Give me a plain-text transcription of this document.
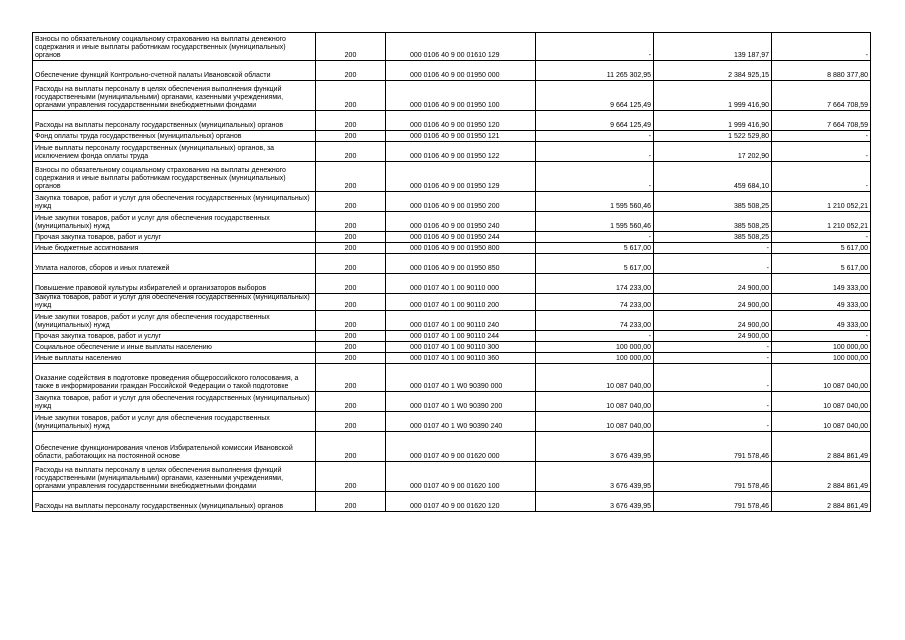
Взносы по обязательному социальному страхованию на выплаты денежного содержания и иные выплаты работникам государственных (муниципальных) органов	200	000 0106 40 9 00 01610 129	-	139 187,97	-
Обеспечение функций Контрольно-счетной палаты Ивановской области	200	000 0106 40 9 00 01950 000	11 265 302,95	2 384 925,15	8 880 377,80
Расходы на выплаты персоналу в целях обеспечения выполнения функций государственными (муниципальными) органами, казенными учреждениями, органами управления государственными внебюджетными фондами	200	000 0106 40 9 00 01950 100	9 664 125,49	1 999 416,90	7 664 708,59
Расходы на выплаты персоналу государственных (муниципальных) органов	200	000 0106 40 9 00 01950 120	9 664 125,49	1 999 416,90	7 664 708,59
Фонд оплаты труда государственных (муниципальных) органов	200	000 0106 40 9 00 01950 121	-	1 522 529,80	-
Иные выплаты персоналу государственных (муниципальных) органов, за исключением фонда оплаты труда	200	000 0106 40 9 00 01950 122	-	17 202,90	-
Взносы по обязательному социальному страхованию на выплаты денежного содержания и иные выплаты работникам государственных (муниципальных) органов	200	000 0106 40 9 00 01950 129	-	459 684,10	-
Закупка товаров, работ и услуг для обеспечения государственных (муниципальных) нужд	200	000 0106 40 9 00 01950 200	1 595 560,46	385 508,25	1 210 052,21
Иные закупки товаров, работ и услуг для обеспечения государственных (муниципальных) нужд	200	000 0106 40 9 00 01950 240	1 595 560,46	385 508,25	1 210 052,21
Прочая закупка товаров, работ и услуг	200	000 0106 40 9 00 01950 244	-	385 508,25	-
Иные бюджетные ассигнования	200	000 0106 40 9 00 01950 800	5 617,00	-	5 617,00
Уплата налогов, сборов и иных платежей	200	000 0106 40 9 00 01950 850	5 617,00	-	5 617,00
Повышение правовой культуры избирателей и организаторов выборов	200	000 0107 40 1 00 90110 000	174 233,00	24 900,00	149 333,00
Закупка товаров, работ и услуг для обеспечения государственных (муниципальных) нужд	200	000 0107 40 1 00 90110 200	74 233,00	24 900,00	49 333,00
Иные закупки товаров, работ и услуг для обеспечения государственных (муниципальных) нужд	200	000 0107 40 1 00 90110 240	74 233,00	24 900,00	49 333,00
Прочая закупка товаров, работ и услуг	200	000 0107 40 1 00 90110 244	-	24 900,00	-
Социальное обеспечение и иные выплаты населению	200	000 0107 40 1 00 90110 300	100 000,00	-	100 000,00
Иные выплаты населению	200	000 0107 40 1 00 90110 360	100 000,00	-	100 000,00
Оказание содействия в подготовке проведения общероссийского голосования, а также в информировании граждан Российской Федерации о такой подготовке	200	000 0107 40 1 W0 90390 000	10 087 040,00	-	10 087 040,00
Закупка товаров, работ и услуг для обеспечения государственных (муниципальных) нужд	200	000 0107 40 1 W0 90390 200	10 087 040,00	-	10 087 040,00
Иные закупки товаров, работ и услуг для обеспечения государственных (муниципальных) нужд	200	000 0107 40 1 W0 90390 240	10 087 040,00	-	10 087 040,00
Обеспечение функционирования членов Избирательной комиссии Ивановской области, работающих на постоянной основе	200	000 0107 40 9 00 01620 000	3 676 439,95	791 578,46	2 884 861,49
Расходы на выплаты персоналу в целях обеспечения выполнения функций государственными (муниципальными) органами, казенными учреждениями, органами управления государственными внебюджетными фондами	200	000 0107 40 9 00 01620 100	3 676 439,95	791 578,46	2 884 861,49
Расходы на выплаты персоналу государственных (муниципальных) органов	200	000 0107 40 9 00 01620 120	3 676 439,95	791 578,46	2 884 861,49
